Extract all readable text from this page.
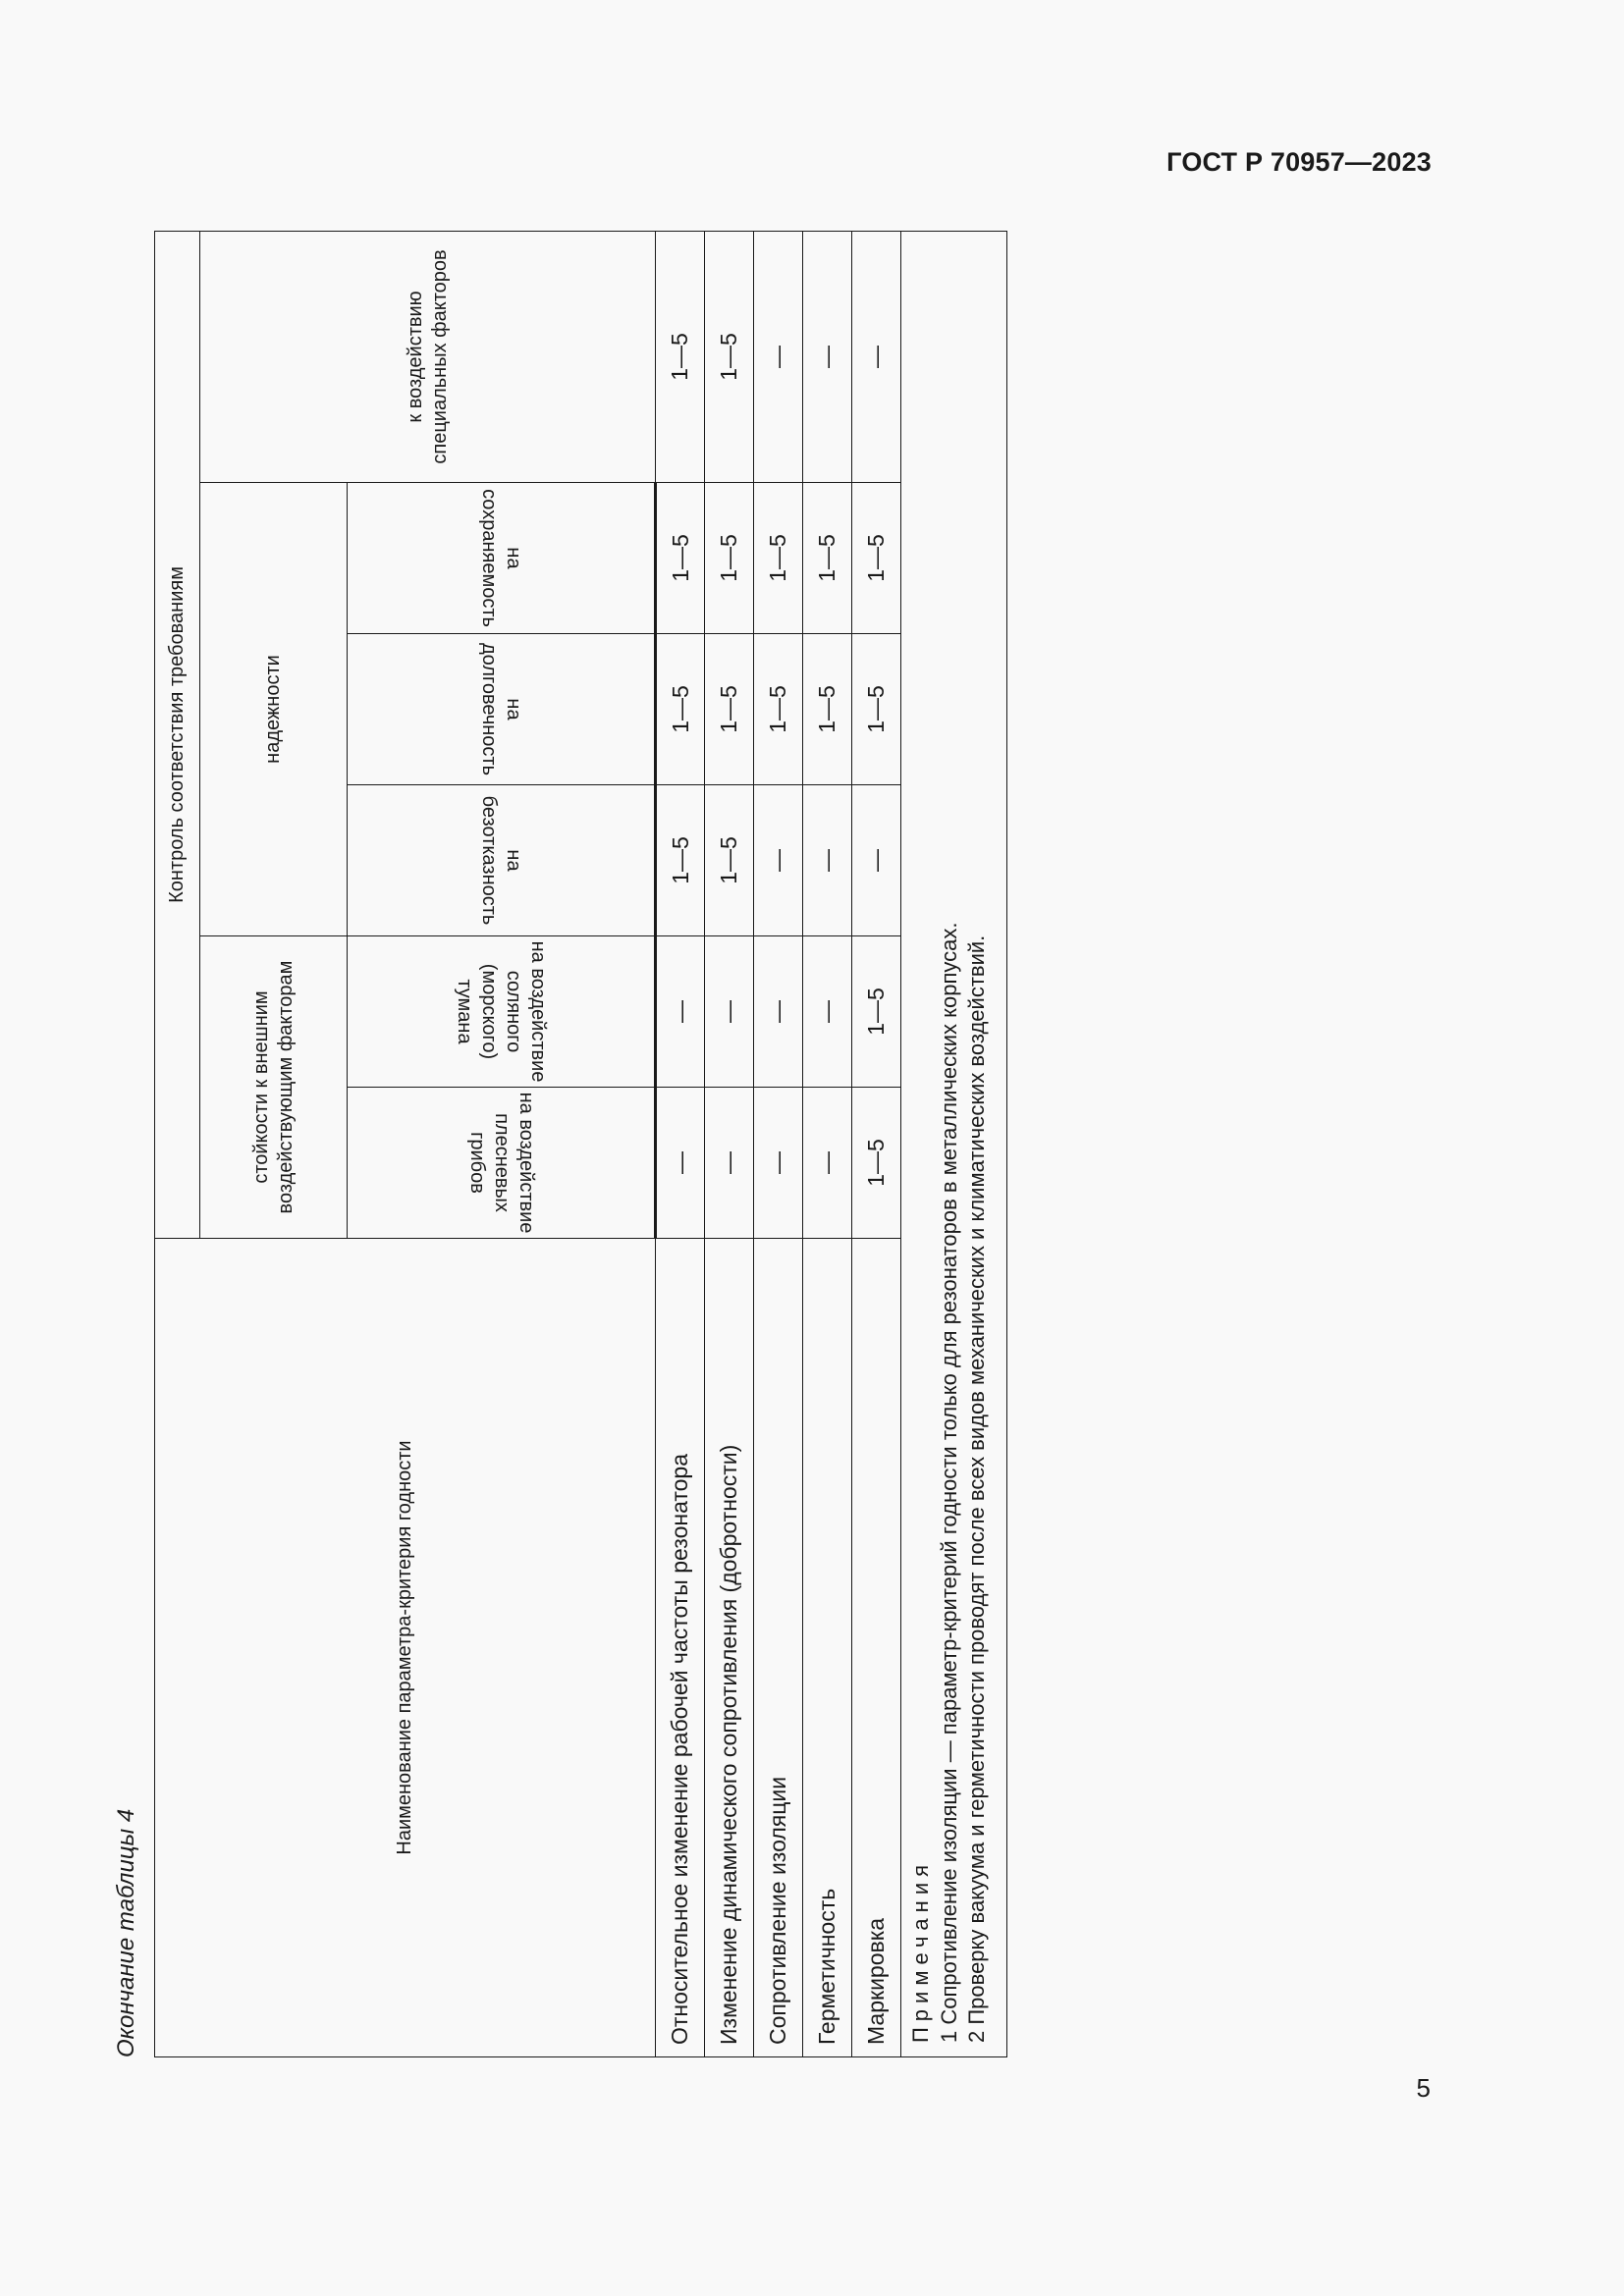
ГОСТ Р 70957—2023
5
Окончание таблицы 4
Наименование параметра-критерия годности	Контроль соответствия требованиям					
	стойкости к внешним воздействующим факторам		надежности			к воздействию специальных факторов

	на воздействие плесневых грибов	на воздействие соляного (морского) тумана	на безотказность	на долговечность	на сохраняемость	
Относительное изменение рабочей частоты резонатора	—	—	1—5	1—5	1—5	1—5
Изменение динамического сопротивления (добротности)	—	—	1—5	1—5	1—5	1—5
Сопротивление изоляции	—	—	—	1—5	1—5	—
Герметичность	—	—	—	1—5	1—5	—
Маркировка	1—5	1—5	—	1—5	1—5	—

Примечания 1 Сопротивление изоляции — параметр-критерий годности только для резонаторов в металлических корпусах. 2 Проверку вакуума и герметичности проводят после всех видов механических и климатических воздействий.						
